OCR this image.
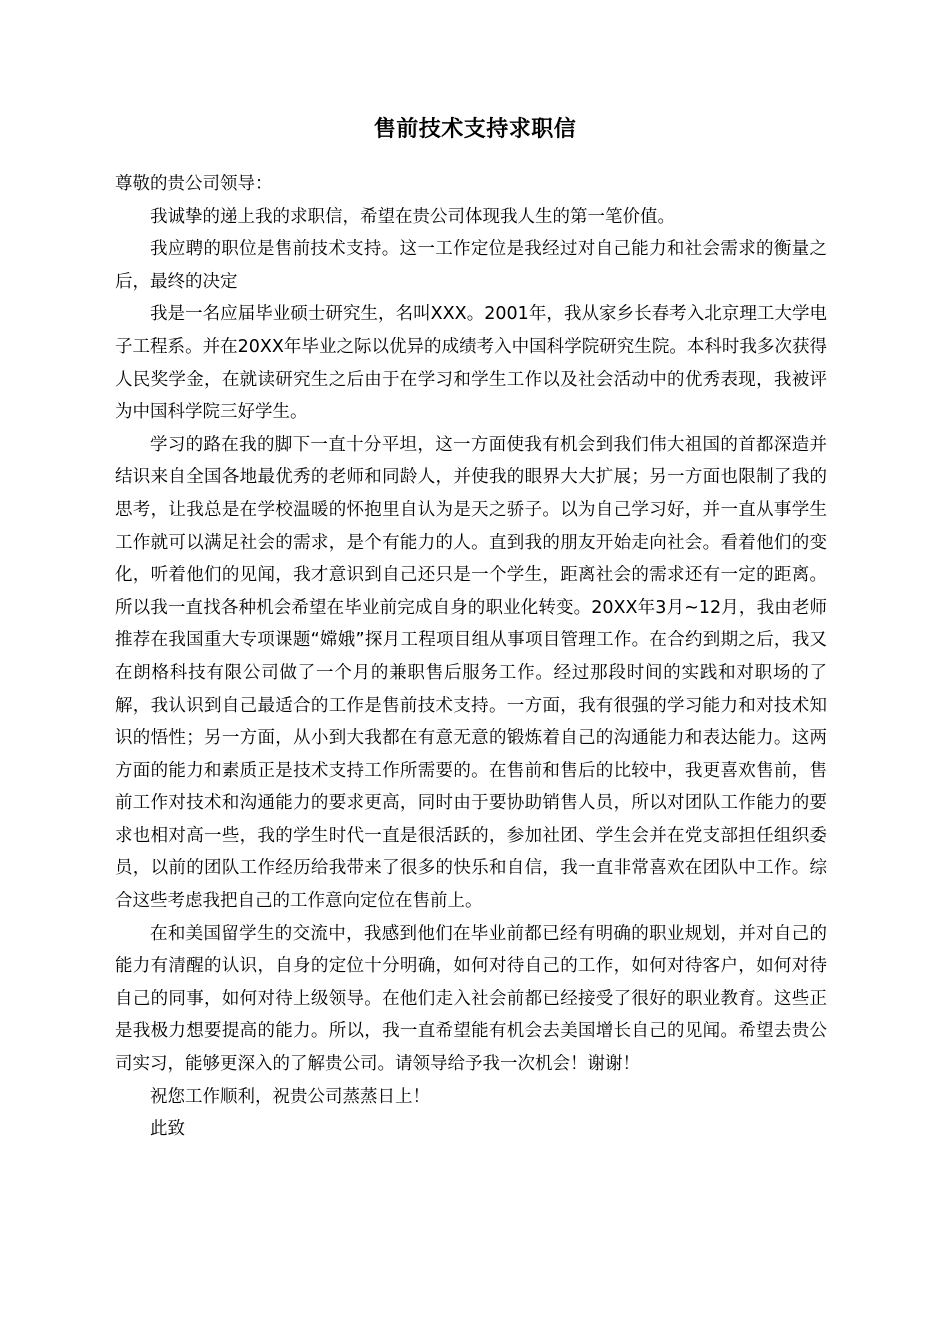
售前技术支持求职信

尊敬的贵公司领导：

我诚挚的递上我的求职信，希望在贵公司体现我人生的第一笔价值。

我应聘的职位是售前技术支持。这一工作定位是我经过对自己能力和社会需求的衡量之后，最终的决定

我是一名应届毕业硕士研究生，名叫XXX。2001年，我从家乡长春考入北京理工大学电子工程系。并在20XX年毕业之际以优异的成绩考入中国科学院研究生院。本科时我多次获得人民奖学金，在就读研究生之后由于在学习和学生工作以及社会活动中的优秀表现，我被评为中国科学院三好学生。

学习的路在我的脚下一直十分平坦，这一方面使我有机会到我们伟大祖国的首都深造并结识来自全国各地最优秀的老师和同龄人，并使我的眼界大大扩展；另一方面也限制了我的思考，让我总是在学校温暖的怀抱里自认为是天之骄子。以为自己学习好，并一直从事学生工作就可以满足社会的需求，是个有能力的人。直到我的朋友开始走向社会。看着他们的变化，听着他们的见闻，我才意识到自己还只是一个学生，距离社会的需求还有一定的距离。所以我一直找各种机会希望在毕业前完成自身的职业化转变。20XX年3月~12月，我由老师推荐在我国重大专项课题“嫦娥”探月工程项目组从事项目管理工作。在合约到期之后，我又在朗格科技有限公司做了一个月的兼职售后服务工作。经过那段时间的实践和对职场的了解，我认识到自己最适合的工作是售前技术支持。一方面，我有很强的学习能力和对技术知识的悟性；另一方面，从小到大我都在有意无意的锻炼着自己的沟通能力和表达能力。这两方面的能力和素质正是技术支持工作所需要的。在售前和售后的比较中，我更喜欢售前，售前工作对技术和沟通能力的要求更高，同时由于要协助销售人员，所以对团队工作能力的要求也相对高一些，我的学生时代一直是很活跃的，参加社团、学生会并在党支部担任组织委员，以前的团队工作经历给我带来了很多的快乐和自信，我一直非常喜欢在团队中工作。综合这些考虑我把自己的工作意向定位在售前上。

在和美国留学生的交流中，我感到他们在毕业前都已经有明确的职业规划，并对自己的能力有清醒的认识，自身的定位十分明确，如何对待自己的工作，如何对待客户，如何对待自己的同事，如何对待上级领导。在他们走入社会前都已经接受了很好的职业教育。这些正是我极力想要提高的能力。所以，我一直希望能有机会去美国增长自己的见闻。希望去贵公司实习，能够更深入的了解贵公司。请领导给予我一次机会！谢谢！

祝您工作顺利，祝贵公司蒸蒸日上！

此致
